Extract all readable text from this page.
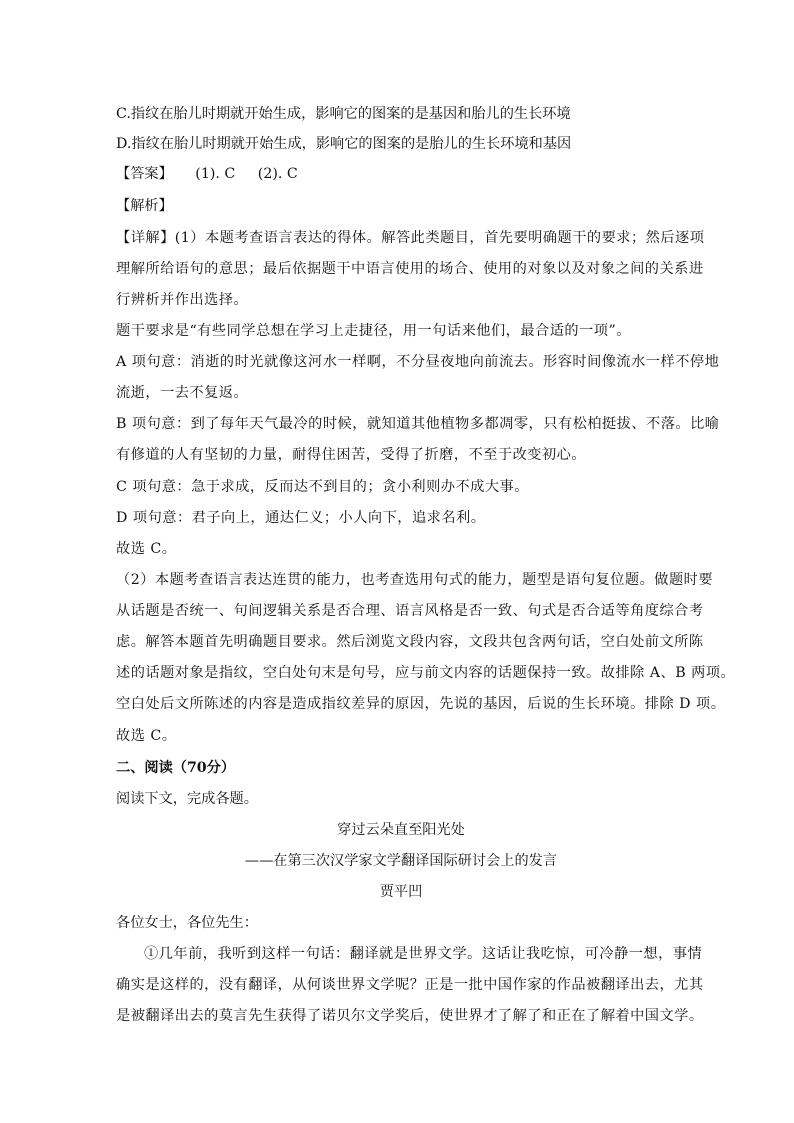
C.指纹在胎儿时期就开始生成，影响它的图案的是基因和胎儿的生长环境
D.指纹在胎儿时期就开始生成，影响它的图案的是胎儿的生长环境和基因
【答案】 (1). C (2). C
【解析】
【详解】(1）本题考查语言表达的得体。解答此类题目，首先要明确题干的要求；然后逐项
理解所给语句的意思；最后依据题干中语言使用的场合、使用的对象以及对象之间的关系进
行辨析并作出选择。
题干要求是“有些同学总想在学习上走捷径，用一句话来他们，最合适的一项”。
A 项句意：消逝的时光就像这河水一样啊，不分昼夜地向前流去。形容时间像流水一样不停地
流逝，一去不复返。
B 项句意：到了每年天气最冷的时候，就知道其他植物多都凋零，只有松柏挺拔、不落。比喻
有修道的人有坚韧的力量，耐得住困苦，受得了折磨，不至于改变初心。
C 项句意：急于求成，反而达不到目的；贪小利则办不成大事。
D 项句意：君子向上，通达仁义；小人向下，追求名利。
故选 C。
（2）本题考查语言表达连贯的能力，也考查选用句式的能力，题型是语句复位题。做题时要
从话题是否统一、句间逻辑关系是否合理、语言风格是否一致、句式是否合适等角度综合考
虑。解答本题首先明确题目要求。然后浏览文段内容，文段共包含两句话，空白处前文所陈
述的话题对象是指纹，空白处句末是句号，应与前文内容的话题保持一致。故排除 A、B 两项。
空白处后文所陈述的内容是造成指纹差异的原因，先说的基因，后说的生长环境。排除 D 项。
故选 C。
二、阅读（70分）
阅读下文，完成各题。
穿过云朵直至阳光处
——在第三次汉学家文学翻译国际研讨会上的发言
贾平凹
各位女士，各位先生：
①几年前，我听到这样一句话：翻译就是世界文学。这话让我吃惊，可冷静一想，事情
确实是这样的，没有翻译，从何谈世界文学呢？正是一批中国作家的作品被翻译出去，尤其
是被翻译出去的莫言先生获得了诺贝尔文学奖后，使世界才了解了和正在了解着中国文学。
